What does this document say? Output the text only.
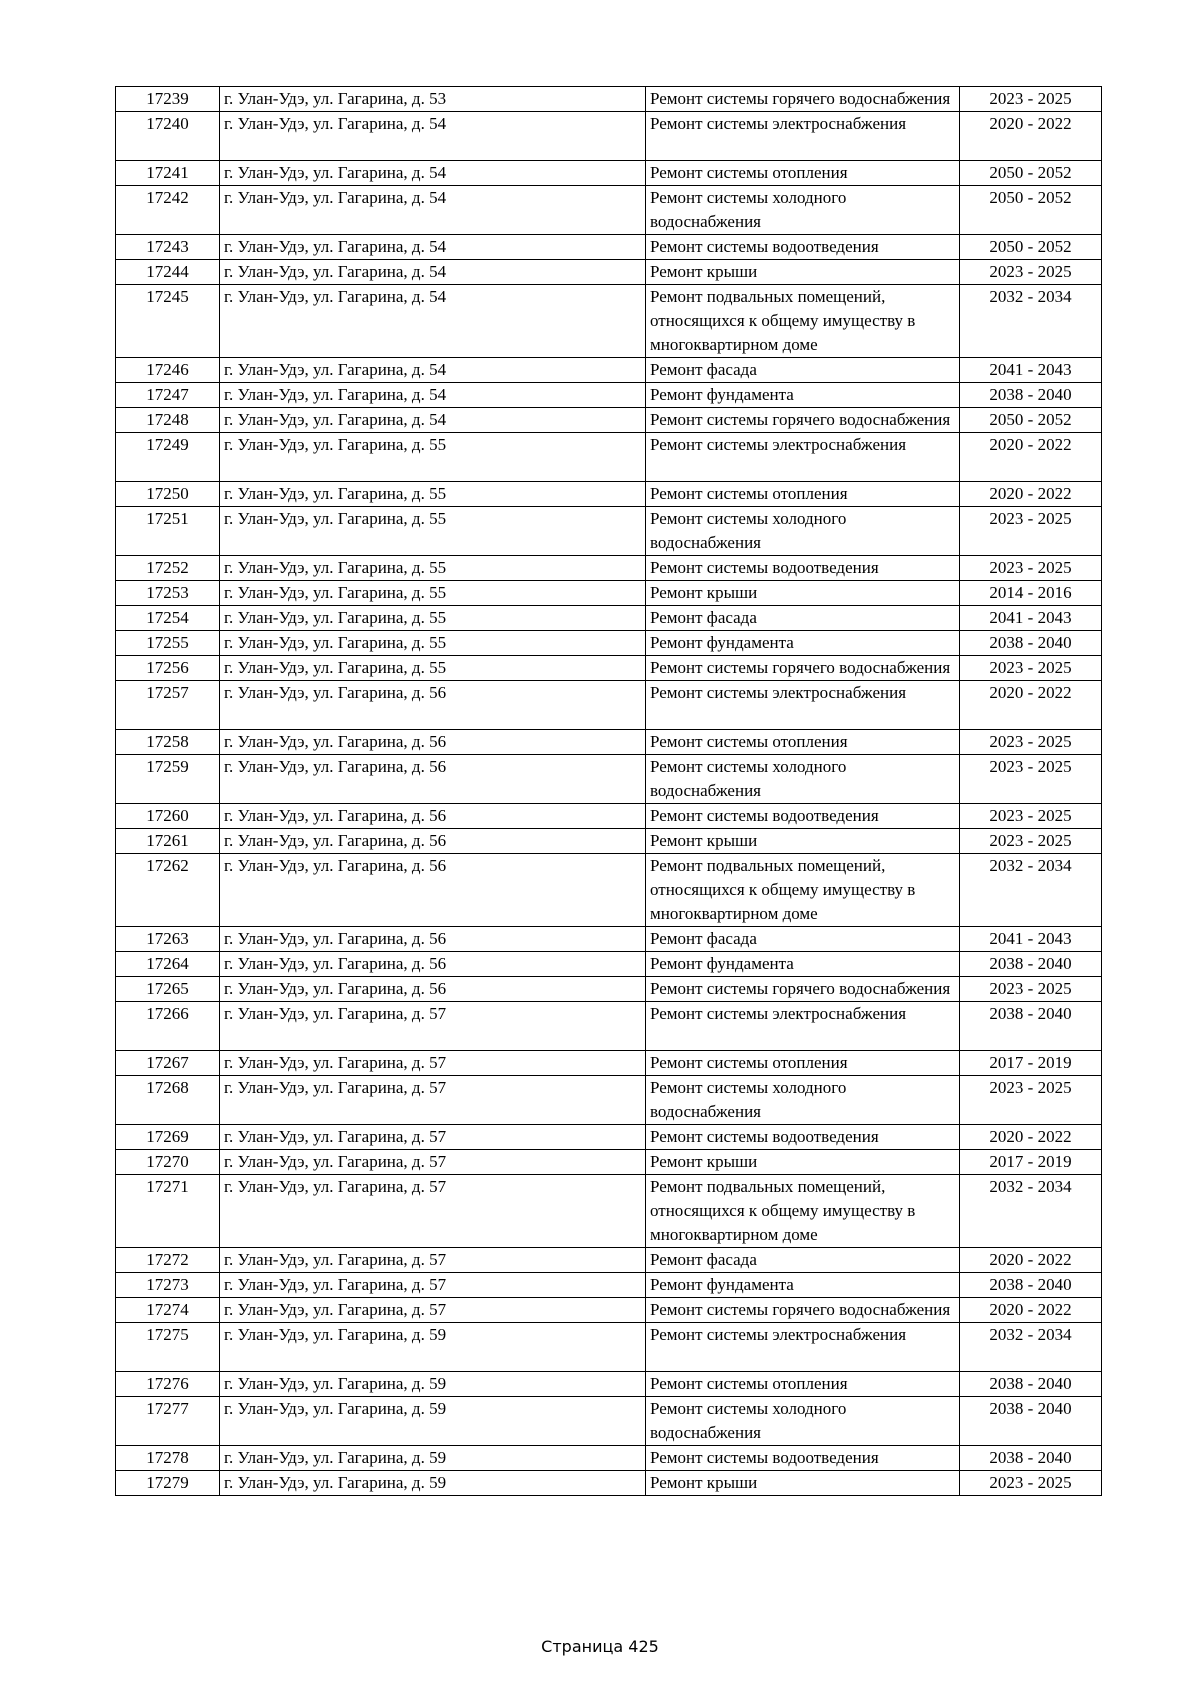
17239	г. Улан-Удэ, ул. Гагарина, д. 53	Ремонт системы горячего водоснабжения	2023 - 2025
17240	г. Улан-Удэ, ул. Гагарина, д. 54	Ремонт системы электроснабжения	2020 - 2022
17241	г. Улан-Удэ, ул. Гагарина, д. 54	Ремонт системы отопления	2050 - 2052
17242	г. Улан-Удэ, ул. Гагарина, д. 54	Ремонт системы холодного водоснабжения	2050 - 2052
17243	г. Улан-Удэ, ул. Гагарина, д. 54	Ремонт системы водоотведения	2050 - 2052
17244	г. Улан-Удэ, ул. Гагарина, д. 54	Ремонт крыши	2023 - 2025
17245	г. Улан-Удэ, ул. Гагарина, д. 54	Ремонт подвальных помещений, относящихся к общему имуществу в многоквартирном доме	2032 - 2034
17246	г. Улан-Удэ, ул. Гагарина, д. 54	Ремонт фасада	2041 - 2043
17247	г. Улан-Удэ, ул. Гагарина, д. 54	Ремонт фундамента	2038 - 2040
17248	г. Улан-Удэ, ул. Гагарина, д. 54	Ремонт системы горячего водоснабжения	2050 - 2052
17249	г. Улан-Удэ, ул. Гагарина, д. 55	Ремонт системы электроснабжения	2020 - 2022
17250	г. Улан-Удэ, ул. Гагарина, д. 55	Ремонт системы отопления	2020 - 2022
17251	г. Улан-Удэ, ул. Гагарина, д. 55	Ремонт системы холодного водоснабжения	2023 - 2025
17252	г. Улан-Удэ, ул. Гагарина, д. 55	Ремонт системы водоотведения	2023 - 2025
17253	г. Улан-Удэ, ул. Гагарина, д. 55	Ремонт крыши	2014 - 2016
17254	г. Улан-Удэ, ул. Гагарина, д. 55	Ремонт фасада	2041 - 2043
17255	г. Улан-Удэ, ул. Гагарина, д. 55	Ремонт фундамента	2038 - 2040
17256	г. Улан-Удэ, ул. Гагарина, д. 55	Ремонт системы горячего водоснабжения	2023 - 2025
17257	г. Улан-Удэ, ул. Гагарина, д. 56	Ремонт системы электроснабжения	2020 - 2022
17258	г. Улан-Удэ, ул. Гагарина, д. 56	Ремонт системы отопления	2023 - 2025
17259	г. Улан-Удэ, ул. Гагарина, д. 56	Ремонт системы холодного водоснабжения	2023 - 2025
17260	г. Улан-Удэ, ул. Гагарина, д. 56	Ремонт системы водоотведения	2023 - 2025
17261	г. Улан-Удэ, ул. Гагарина, д. 56	Ремонт крыши	2023 - 2025
17262	г. Улан-Удэ, ул. Гагарина, д. 56	Ремонт подвальных помещений, относящихся к общему имуществу в многоквартирном доме	2032 - 2034
17263	г. Улан-Удэ, ул. Гагарина, д. 56	Ремонт фасада	2041 - 2043
17264	г. Улан-Удэ, ул. Гагарина, д. 56	Ремонт фундамента	2038 - 2040
17265	г. Улан-Удэ, ул. Гагарина, д. 56	Ремонт системы горячего водоснабжения	2023 - 2025
17266	г. Улан-Удэ, ул. Гагарина, д. 57	Ремонт системы электроснабжения	2038 - 2040
17267	г. Улан-Удэ, ул. Гагарина, д. 57	Ремонт системы отопления	2017 - 2019
17268	г. Улан-Удэ, ул. Гагарина, д. 57	Ремонт системы холодного водоснабжения	2023 - 2025
17269	г. Улан-Удэ, ул. Гагарина, д. 57	Ремонт системы водоотведения	2020 - 2022
17270	г. Улан-Удэ, ул. Гагарина, д. 57	Ремонт крыши	2017 - 2019
17271	г. Улан-Удэ, ул. Гагарина, д. 57	Ремонт подвальных помещений, относящихся к общему имуществу в многоквартирном доме	2032 - 2034
17272	г. Улан-Удэ, ул. Гагарина, д. 57	Ремонт фасада	2020 - 2022
17273	г. Улан-Удэ, ул. Гагарина, д. 57	Ремонт фундамента	2038 - 2040
17274	г. Улан-Удэ, ул. Гагарина, д. 57	Ремонт системы горячего водоснабжения	2020 - 2022
17275	г. Улан-Удэ, ул. Гагарина, д. 59	Ремонт системы электроснабжения	2032 - 2034
17276	г. Улан-Удэ, ул. Гагарина, д. 59	Ремонт системы отопления	2038 - 2040
17277	г. Улан-Удэ, ул. Гагарина, д. 59	Ремонт системы холодного водоснабжения	2038 - 2040
17278	г. Улан-Удэ, ул. Гагарина, д. 59	Ремонт системы водоотведения	2038 - 2040
17279	г. Улан-Удэ, ул. Гагарина, д. 59	Ремонт крыши	2023 - 2025
Страница 425
